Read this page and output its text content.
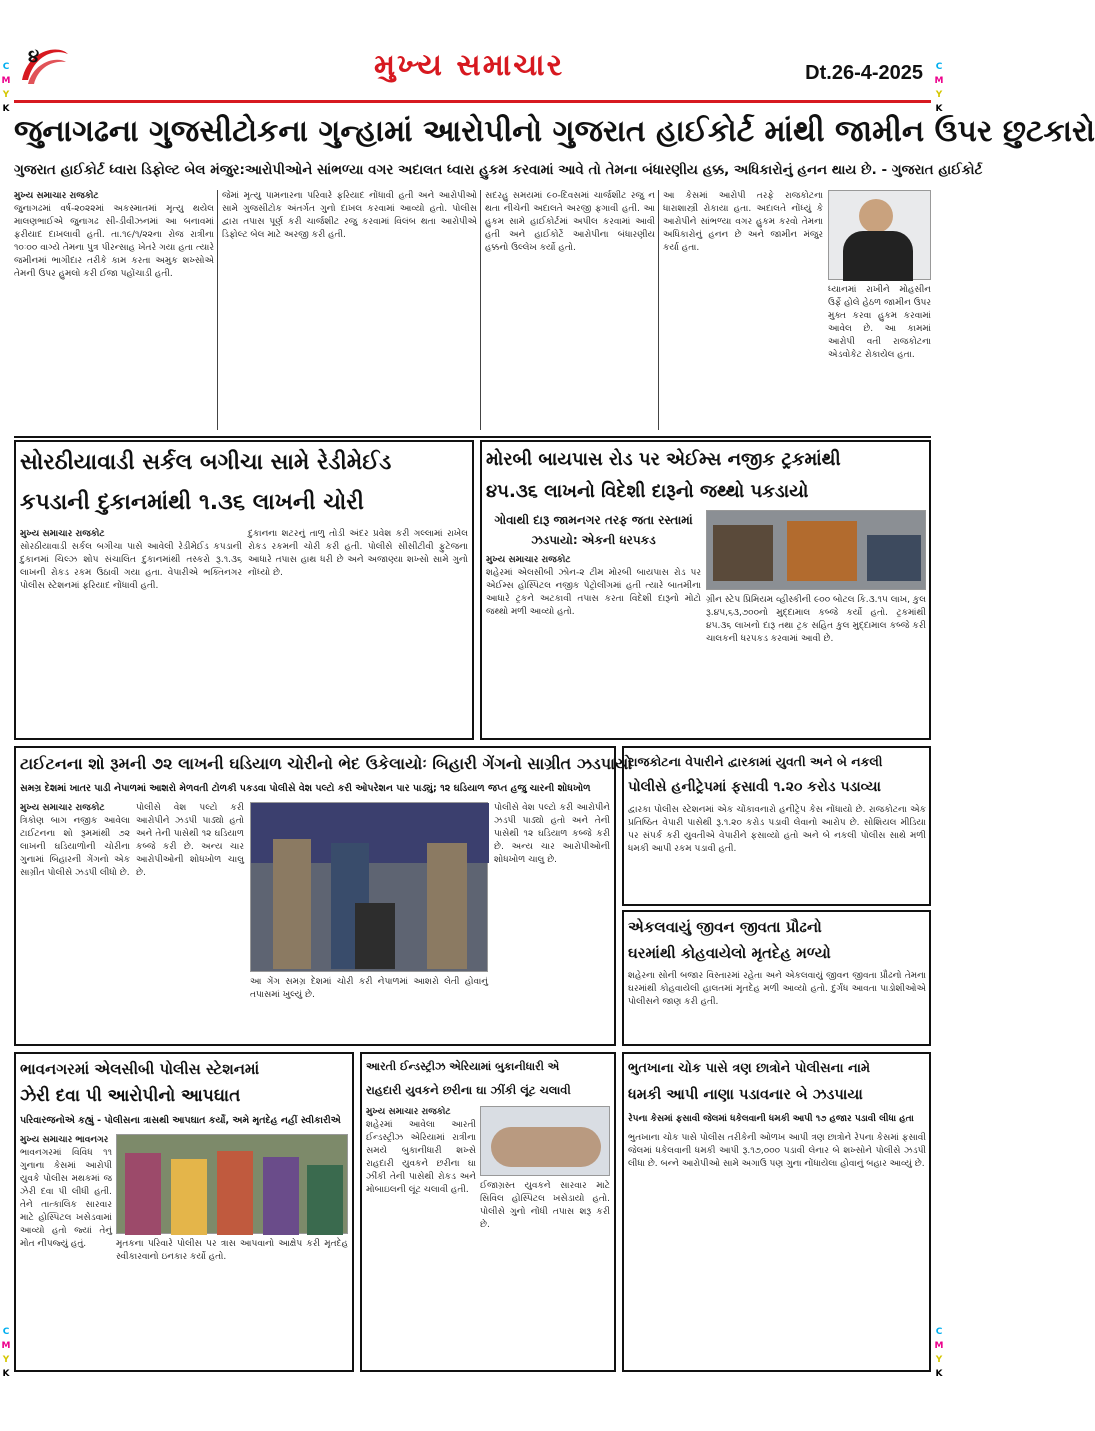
C
M
Y
K
C
M
Y
K
C
M
Y
K
C
M
Y
K
મુખ્ય સમાચાર	Dt.26-4-2025
૪
જુનાગઢના ગુજસીટોકના ગુન્હામાં આરોપીનો ગુજરાત હાઈકોર્ટ માંથી જામીન ઉપર છુટકારો
ગુજરાત હાઈકોર્ટ ધ્વારા ડિફોલ્ટ બેલ મંજુર:આરોપીઓને સાંભળ્યા વગર અદાલત ધ્વારા હુકમ કરવામાં આવે તો તેમના બંધારણીય હક્ક, અધિકારોનું હનન થાય છે. - ગુજરાત હાઈકોર્ટ
મુખ્ય સમાચાર રાજકોટ
જુનાગઢમાં વર્ષ-૨૦૨૨માં અકસ્માતમાં મૃત્યુ થયેલ માલણભાઈએ જુનાગઢ સી-ડીવીઝનમાં આ બનાવમાં ફરીયાદ દાખલાવી હતી. તા.૧૯/૧/૨૨ના રોજ રાત્રીના ૧૦ઃ૦૦ વાગ્યે તેમના પુત્ર પીરન્સાહ ખેતરે ગયા હતા ત્યારે જમીનમાં ભાગીદાર તરીકે કામ કરતા અમુક શખ્સોએ તેમની ઉપર હુમલો કરી ઈજા પહોંચાડી હતી.
જેમાં મૃત્યુ પામનારના પરિવારે ફરિયાદ નોંધાવી હતી અને આરોપીઓ સામે ગુજસીટોક અંતર્ગત ગુનો દાખલ કરવામાં આવ્યો હતો. પોલીસ દ્વારા તપાસ પૂર્ણ કરી ચાર્જશીટ રજુ કરવામાં વિલંબ થતા આરોપીએ ડિફોલ્ટ બેલ માટે અરજી કરી હતી.
સદરહુ સમયમાં ૯૦-દિવસમાં ચાર્જશીટ રજુ ન થતા નીચેની અદાલતે અરજી ફગાવી હતી. આ હુકમ સામે હાઈકોર્ટમાં અપીલ કરવામાં આવી હતી અને હાઈકોર્ટે આરોપીના બંધારણીય હક્કનો ઉલ્લેખ કર્યો હતો.
આ કેસમાં આરોપી તરફે રાજકોટના ધારાશાસ્ત્રી રોકાયા હતા. અદાલતે નોંધ્યું કે આરોપીને સાંભળ્યા વગર હુકમ કરવો તેમના અધિકારોનું હનન છે અને જામીન મંજુર કર્યા હતા.
ધ્યાનમાં રાખીને મોહસીન ઉર્ફે હોલે હેઠળ જામીન ઉપર મુક્ત કરવા હુકમ કરવામાં આવેલ છે. આ કામમાં આરોપી વતી રાજકોટના એડવોકેટ રોકાયેલ હતા.
સોરઠીયાવાડી સર્કલ બગીચા સામે રેડીમેઈડ
કપડાની દુકાનમાંથી ૧.૩૬ લાખની ચોરી
મુખ્ય સમાચાર રાજકોટ
સોરઠીયાવાડી સર્કલ બગીચા પાસે આવેલી રેડીમેઈડ કપડાની દુકાનમાં ચિલ્ઝ શોપ સંચાલિત દુકાનમાંથી તસ્કરો રૂ.૧.૩૬ લાખની રોકડ રકમ ઉઠાવી ગયા હતા. વેપારીએ ભક્તિનગર પોલીસ સ્ટેશનમાં ફરિયાદ નોંધાવી હતી.
દુકાનના શટરનું તાળુ તોડી અંદર પ્રવેશ કરી ગલ્લામાં રાખેલ રોકડ રકમની ચોરી કરી હતી. પોલીસે સીસીટીવી ફુટેજના આધારે તપાસ હાથ ધરી છે અને અજાણ્યા શખ્સો સામે ગુનો નોંધ્યો છે.
મોરબી બાયપાસ રોડ પર એઈમ્સ નજીક ટ્રકમાંથી
૪૫.૩૬ લાખનો વિદેશી દારૂનો જથ્થો પકડાયો
ગોવાથી દારૂ જામનગર તરફ જતા રસ્તામાં ઝડપાયો: એકની ધરપકડ
મુખ્ય સમાચાર રાજકોટ
શહેરમાં એલસીબી ઝોન-૨ ટીમ મોરબી બાયપાસ રોડ પર એઈમ્સ હોસ્પિટલ નજીક પેટ્રોલીંગમાં હતી ત્યારે બાતમીના આધારે ટ્રકને અટકાવી તપાસ કરતા વિદેશી દારૂનો મોટો જથ્થો મળી આવ્યો હતો.
ગ્રીન સ્ટેપ પ્રિમિયમ વ્હીસ્કીની ૯૦૦ બોટલ કિ.૩.૧૫ લાખ, કુલ રૂ.૪૫,૬૩,૭૦૦નો મુદ્દામાલ કબ્જે કર્યો હતો. ટ્રકમાંથી ૪૫.૩૬ લાખનો દારૂ તથા ટ્રક સહિત કુલ મુદ્દામાલ કબ્જે કરી ચાલકની ધરપકડ કરવામાં આવી છે.
ટાઈટનના શો રૂમની ૭૨ લાખની ઘડિયાળ ચોરીનો ભેદ ઉકેલાયોઃ બિહારી ગેંગનો સાગ્રીત ઝડપાયો
સમગ્ર દેશમાં ખાતર પાડી નેપાળમાં આશરો મેળવતી ટોળકી પકડવા પોલીસે વેશ પલ્ટો કરી ઓપરેશન પાર પાડ્યું; ૧૨ ઘડિયાળ જપ્ત હજુ ચારની શોધખોળ
મુખ્ય સમાચાર રાજકોટ
ત્રિકોણ બાગ નજીક આવેલા ટાઈટનના શો રૂમમાંથી ૭૨ લાખની ઘડિયાળોની ચોરીના ગુનામાં બિહારની ગેંગનો એક સાગ્રીત પોલીસે ઝડપી લીધો છે.
પોલીસે વેશ પલ્ટો કરી આરોપીને ઝડપી પાડ્યો હતો અને તેની પાસેથી ૧૨ ઘડિયાળ કબ્જે કરી છે. અન્ય ચાર આરોપીઓની શોધખોળ ચાલુ છે.
આ ગેંગ સમગ્ર દેશમાં ચોરી કરી નેપાળમાં આશરો લેતી હોવાનું તપાસમાં ખુલ્યું છે.
પોલીસે વેશ પલ્ટો કરી આરોપીને ઝડપી પાડ્યો હતો અને તેની પાસેથી ૧૨ ઘડિયાળ કબ્જે કરી છે. અન્ય ચાર આરોપીઓની શોધખોળ ચાલુ છે.
રાજકોટના વેપારીને દ્વારકામાં યુવતી અને બે નકલી
પોલીસે હનીટ્રેપમાં ફસાવી ૧.૨૦ કરોડ પડાવ્યા
દ્વારકા પોલીસ સ્ટેશનમાં એક ચોંકાવનારો હનીટ્રેપ કેસ નોંધાયો છે. રાજકોટના એક પ્રતિષ્ઠિત વેપારી પાસેથી રૂ.૧.૨૦ કરોડ પડાવી લેવાનો આરોપ છે. સોશિયલ મીડિયા પર સંપર્ક કરી યુવતીએ વેપારીને ફસાવ્યો હતો અને બે નકલી પોલીસ સાથે મળી ધમકી આપી રકમ પડાવી હતી.
એકલવાયું જીવન જીવતા પ્રૌઢનો
ઘરમાંથી કોહવાયેલો મૃતદેહ મળ્યો
શહેરના સોની બજાર વિસ્તારમાં રહેતા અને એકલવાયું જીવન જીવતા પ્રૌઢનો તેમના ઘરમાંથી કોહવાયેલી હાલતમાં મૃતદેહ મળી આવ્યો હતો. દુર્ગંધ આવતા પાડોશીઓએ પોલીસને જાણ કરી હતી.
ભાવનગરમાં એલસીબી પોલીસ સ્ટેશનમાં
ઝેરી દવા પી આરોપીનો આપઘાત
પરિવારજનોએ કહ્યું - પોલીસના ત્રાસથી આપઘાત કર્યો, અમે મૃતદેહ નહીં સ્વીકારીએ
મુખ્ય સમાચાર ભાવનગર
ભાવનગરમાં વિવિધ ૧૧ ગુનાના કેસમાં આરોપી યુવકે પોલીસ મથકમાં જ ઝેરી દવા પી લીધી હતી. તેને તાત્કાલિક સારવાર માટે હોસ્પિટલ ખસેડવામાં આવ્યો હતો જ્યાં તેનું મોત નીપજ્યું હતું.	મૃતકના પરિવારે પોલીસ પર ત્રાસ આપવાનો આક્ષેપ કરી મૃતદેહ સ્વીકારવાનો ઇનકાર કર્યો હતો.
આરતી ઈન્ડસ્ટ્રીઝ એરિયામાં બુકાનીધારી એ
રાહદારી યુવકને છરીના ઘા ઝીંકી લૂંટ ચલાવી
મુખ્ય સમાચાર રાજકોટ
શહેરમાં આવેલા આરતી ઈન્ડસ્ટ્રીઝ એરિયામાં રાત્રીના સમયે બુકાનીધારી શખ્સે રાહદારી યુવકને છરીના ઘા ઝીંકી તેની પાસેથી રોકડ અને મોબાઇલની લૂંટ ચલાવી હતી.	ઈજાગ્રસ્ત યુવકને સારવાર માટે સિવિલ હોસ્પિટલ ખસેડાયો હતો. પોલીસે ગુનો નોંધી તપાસ શરૂ કરી છે.
ભુતખાના ચોક પાસે ત્રણ છાત્રોને પોલીસના નામે
ધમકી આપી નાણા પડાવનાર બે ઝડપાયા
રેપના કેસમાં ફસાવી જેલમાં ધકેલવાની ધમકી આપી ૧૭ હજાર પડાવી લીધા હતા
ભુતખાના ચોક પાસે પોલીસ તરીકેની ઓળખ આપી ત્રણ છાત્રોને રેપના કેસમાં ફસાવી જેલમાં ધકેલવાની ધમકી આપી રૂ.૧૭,૦૦૦ પડાવી લેનાર બે શખ્સોને પોલીસે ઝડપી લીધા છે. બન્ને આરોપીઓ સામે અગાઉ પણ ગુના નોંધાયેલા હોવાનું બહાર આવ્યું છે.
